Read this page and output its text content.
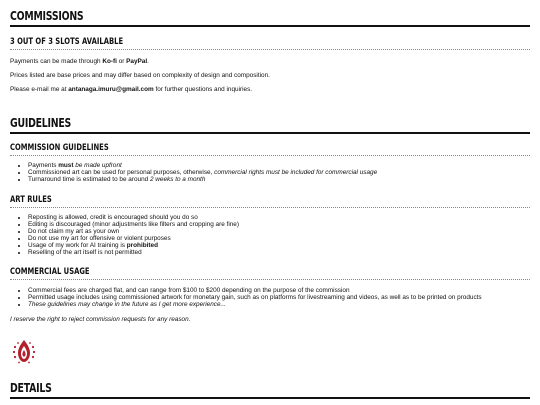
COMMISSIONS
3 OUT OF 3 SLOTS AVAILABLE
Payments can be made through Ko-fi or PayPal.
Prices listed are base prices and may differ based on complexity of design and composition.
Please e-mail me at antanaga.imuru@gmail.com for further questions and inquiries.
GUIDELINES
COMMISSION GUIDELINES
• Payments must be made upfront
• Commissioned art can be used for personal purposes, otherwise, commercial rights must be included for commercial usage
• Turnaround time is estimated to be around 2 weeks to a month
ART RULES
• Reposting is allowed, credit is encouraged should you do so
• Editing is discouraged (minor adjustments like filters and cropping are fine)
• Do not claim my art as your own
• Do not use my art for offensive or violent purposes
• Usage of my work for AI training is prohibited
• Reselling of the art itself is not permitted
COMMERCIAL USAGE
• Commercial fees are charged flat, and can range from $100 to $200 depending on the purpose of the commission
• Permitted usage includes using commissioned artwork for monetary gain, such as on platforms for livestreaming and videos, as well as to be printed on products
• These guidelines may change in the future as I get more experience...
I reserve the right to reject commission requests for any reason.
DETAILS
